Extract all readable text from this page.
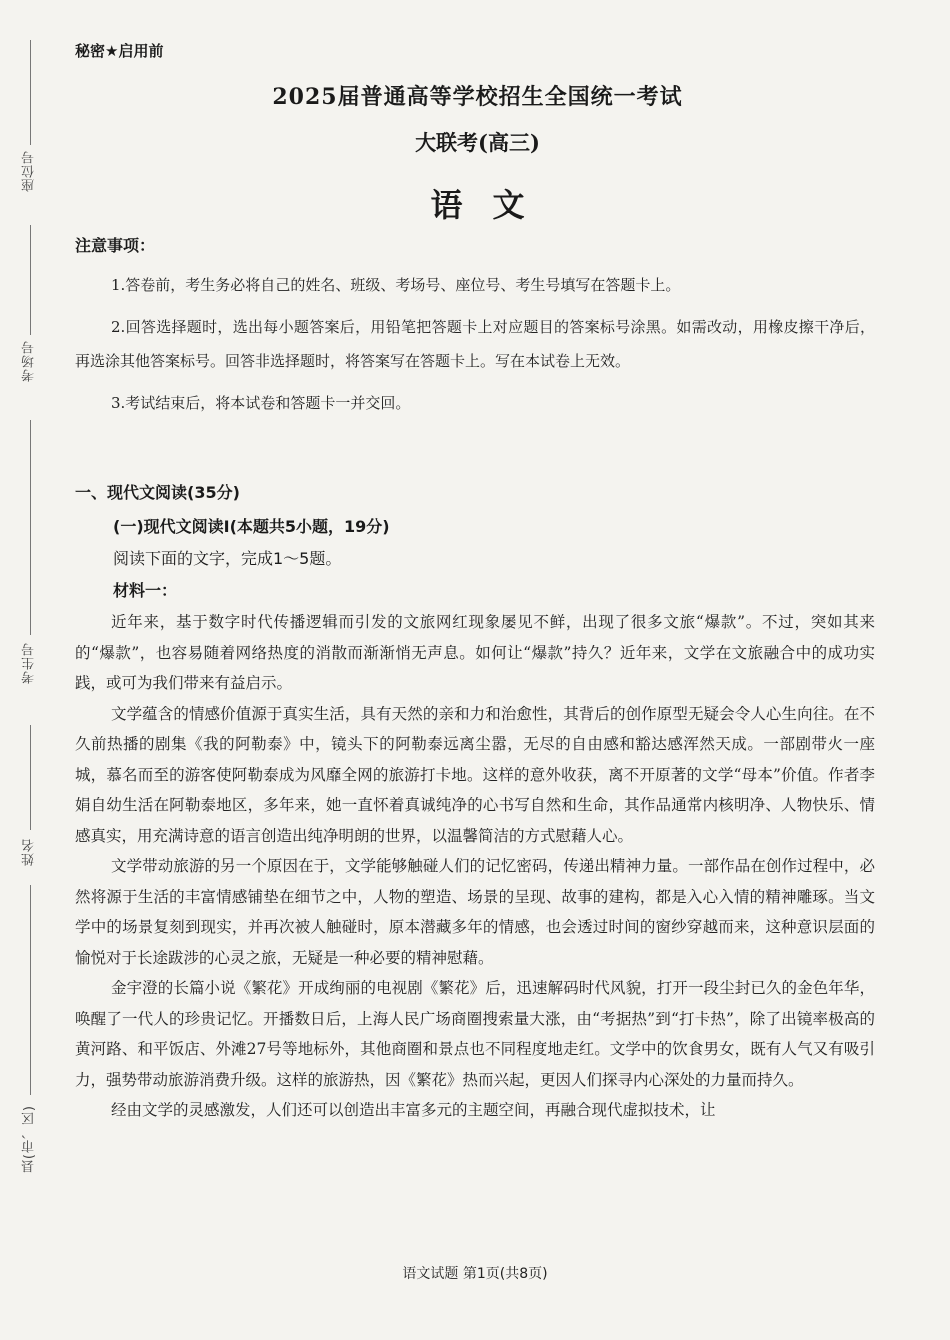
座位号
考场号
考生号
姓名
县(市、区)
秘密★启用前
2025届普通高等学校招生全国统一考试
大联考(高三)
语文
注意事项：

1.答卷前，考生务必将自己的姓名、班级、考场号、座位号、考生号填写在答题卡上。

2.回答选择题时，选出每小题答案后，用铅笔把答题卡上对应题目的答案标号涂黑。如需改动，用橡皮擦干净后，再选涂其他答案标号。回答非选择题时，将答案写在答题卡上。写在本试卷上无效。

3.考试结束后，将本试卷和答题卡一并交回。

一、现代文阅读(35分)
(一)现代文阅读Ⅰ(本题共5小题，19分)
阅读下面的文字，完成1～5题。
材料一：

近年来，基于数字时代传播逻辑而引发的文旅网红现象屡见不鲜，出现了很多文旅“爆款”。不过，突如其来的“爆款”，也容易随着网络热度的消散而渐渐悄无声息。如何让“爆款”持久？近年来，文学在文旅融合中的成功实践，或可为我们带来有益启示。

文学蕴含的情感价值源于真实生活，具有天然的亲和力和治愈性，其背后的创作原型无疑会令人心生向往。在不久前热播的剧集《我的阿勒泰》中，镜头下的阿勒泰远离尘嚣，无尽的自由感和豁达感浑然天成。一部剧带火一座城，慕名而至的游客使阿勒泰成为风靡全网的旅游打卡地。这样的意外收获，离不开原著的文学“母本”价值。作者李娟自幼生活在阿勒泰地区，多年来，她一直怀着真诚纯净的心书写自然和生命，其作品通常内核明净、人物快乐、情感真实，用充满诗意的语言创造出纯净明朗的世界，以温馨简洁的方式慰藉人心。

文学带动旅游的另一个原因在于，文学能够触碰人们的记忆密码，传递出精神力量。一部作品在创作过程中，必然将源于生活的丰富情感铺垫在细节之中，人物的塑造、场景的呈现、故事的建构，都是入心入情的精神雕琢。当文学中的场景复刻到现实，并再次被人触碰时，原本潜藏多年的情感，也会透过时间的窗纱穿越而来，这种意识层面的愉悦对于长途跋涉的心灵之旅，无疑是一种必要的精神慰藉。

金宇澄的长篇小说《繁花》开成绚丽的电视剧《繁花》后，迅速解码时代风貌，打开一段尘封已久的金色年华，唤醒了一代人的珍贵记忆。开播数日后，上海人民广场商圈搜索量大涨，由“考据热”到“打卡热”，除了出镜率极高的黄河路、和平饭店、外滩27号等地标外，其他商圈和景点也不同程度地走红。文学中的饮食男女，既有人气又有吸引力，强势带动旅游消费升级。这样的旅游热，因《繁花》热而兴起，更因人们探寻内心深处的力量而持久。

经由文学的灵感激发，人们还可以创造出丰富多元的主题空间，再融合现代虚拟技术，让

语文试题 第1页(共8页)
